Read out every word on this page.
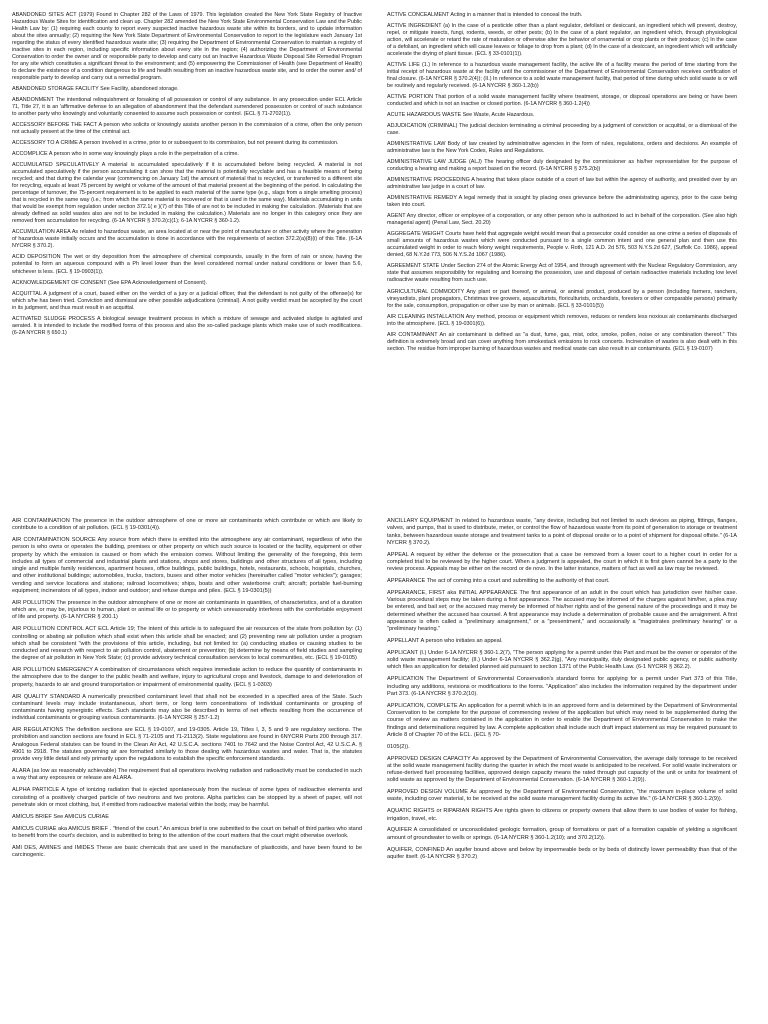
ABANDONED SITES ACT (1979) Found in Chapter 282 of the Laws of 1979. This legislation created the New York State Registry of Inactive Hazardous Waste Sites for identification and clean up. Chapter 282 amended the New York State Environmental Conservation Law and the Public Health Law by: (1) requiring each county to report every suspected inactive hazardous waste site within its borders, and to update information about the sites annually; (2) requiring the New York State Department of Environmental Conservation to report to the legislature each January 1st regarding the status of every identified hazardous waste site; (3) requiring the Department of Environmental Conservation to maintain a registry of inactive sites in each region, including specific information about every site in the region; (4) authorizing the Department of Environmental Conservation to order the owner and/ or responsible party to develop and carry out an Inactive Hazardous Waste Disposal Site Remedial Program for any site which constitutes a significant threat to the environment; and (5) empowering the Commissioner of Health (see Department of Health) to declare the existence of a condition dangerous to life and health resulting from an inactive hazardous waste site, and to order the owner and/ of responsible party to develop and carry out a remedial program.

ABANDONED STORAGE FACILITY See Facility, abandoned storage.

ABANDONMENT The intentional relinquishment or forsaking of all possession or control of any substance. In any prosecution under ECL Article 71, Title 27, it is an 'affirmative defense to an allegation of abandonment that the defendant surrendered possession or control of such substance to another party who knowingly and voluntarily consented to assume such possession or control. (ECL § 71-2702(1)).

ACCESSORY BEFORE THE FACT A person who solicits or knowingly assists another person in the commission of a crime, often the only person not actually present at the time of the criminal act.

ACCESSORY TO A CRIME A person involved in a crime, prior to or subsequent to its commission, but not present during its commission.

ACCOMPLICE A person who in some way knowingly plays a role in the perpetration of a crime.

ACCUMULATED SPECULATIVELY A material is accumulated speculatively if it is accumulated before being recycled. A material is not accumulated speculatively if the person accumulating it can show that the material is potentially recyclable and has a feasible means of being recycled; and that during the calendar year (commencing on January 1st) the amount of material that is recycled, or transferred to a different site for recycling, equals at least 75 percent by weight or volume of the amount of that material present at the beginning of the period. In calculating the percentage of turnover, the 75-percent requirement is to be applied to each material of the same type (e.g., slags from a single smelting process) that is recycled in the same way (i.e.; from which the same material is recovered or that is used in the same way). Materials accumulating in units that would be exempt from regulation under section 372.1( e )(7) of this Title of are not to be included in making the calculation. (Materials that are already defined as solid wastes also are not to be included in making the calculation.) Materials are no longer in this category once they are removed from accumulation for recycling. (6-1A NYCRR § 370.2(c)(1); 6-1A NYCRR § 360-1.2).

ACCUMULATION AREA As related to hazardous waste, an area located at or near the point of manufacture or other activity where the generation of hazardous waste initially occurs and the accumulation is done in accordance with the requirements of section 372.2(a)(8)(i) of this Title. (6-1A NYCRR § 370.2).

ACID DEPOSITION The wet or dry deposition from the atmosphere of chemical compounds, usually in the form of rain or snow, having the potential to form an aqueous compound with a Ph level lower than the level considered normal under natural conditions or lower than 5.6, whichever is less. (ECL § 19-0903(1)).

ACKNOWLEDGEMENT OF CONSENT (See EPA Acknowledgement of Consent).

ACQUITTAL A judgment of a court, based either on the verdict of a jury or a judicial officer, that the defendant is not guilty of the offense(s) for which s/he has been tried. Conviction and dismissal are other possible adjudications (criminal). A not guilty verdict must be accepted by the court in its judgment, and thus must result in an acquittal.

ACTIVATED SLUDGE PROCESS A biological sewage treatment process in which a mixture of sewage and activated sludge is agitated and aerated. It is intended to include the modified forms of this process and also the so-called package plants which make use of such modifications. (6-2A NYCRR § 650.1)

ACTIVE CONCEALMENT Acting in a manner that is intended to conceal the truth.

ACTIVE INGREDIENT (a) In the case of a pesticide other than a plant regulator, defoliant or desiccant, an ingredient which will prevent, destroy, repel, or mitigate insects, fungi, rodents, weeds, or other pests; (b) In the case of a plant regulator, an ingredient which, through physiological action, will accelerate or retard the rate of maturation or otherwise alter the behavior of ornamental or crop plants or their produce; (c) In the case of a defoliant, an ingredient which will cause leaves or foliage to drop from a plant; (d) In the case of a desiccant, an ingredient which will artificially accelerate the drying of plant tissue. (ECL § 33-0101(1)).

ACTIVE LIFE (1.) In reference to a hazardous waste management facility, the active life of a facility means the period of time starting from the initial receipt of hazardous waste at the facility until the commissioner of the Department of Environmental Conservation receives certification of final closure. (6-1A NYCRR § 370.2(4)); (II.) In reference to a solid waste management facility, that period of time during which solid waste is or will be routinely and regularly received. (6-1A NYCRR § 360-1.2(b))

ACTIVE PORTION That portion of a solid waste management facility where treatment, storage, or disposal operations are being or have been conducted and which is not an inactive or closed portion. (6-1A NYCRR § 360-1.2(4))

ACUTE HAZARDOUS WASTE See Waste, Acute Hazardous.

ADJUDICATION (CRIMINAL) The judicial decision terminating a criminal proceeding by a judgment of conviction or acquittal, or a dismissal of the case.

ADMINISTRATIVE LAW Body of law created by administrative agencies in the form of rules, regulations, orders and decisions. An example of administrative law is the New York Codes, Rules and Regulations.

ADMINISTRATIVE LAW JUDGE (ALJ) The hearing officer duly designated by the commissioner as his/her representative for the purpose of conducting a hearing and making a report based on the record. (6-1A NYCRR § 375.2(b))

ADMINISTRATIVE PROCEEDING A hearing that takes place outside of a court of law but within the agency of authority, and presided over by an administrative law judge in a court of law.

ADMINISTRATIVE REMEDY A legal remedy that is sought by placing ones grievance before the administrating agency, prior to the case being taken into court.

AGENT Any director, officer or employee of a corporation, or any other person who is authorized to act in behalf of the corporation. (See also high managerial agent) (Penal Law, Sect. 20.20)

AGGREGATE WEIGHT Courts have held that aggregate weight would mean that a prosecutor could consider as one crime a series of disposals of small amounts of hazardous wastes which were conducted pursuant to a single common intent and one general plan and then use this accumulated weight in order to reach felony weight requirements, People v. Roth, 121 A.D. 2d 576, 503 N.Y.S.2d 627, (Suffolk Co. 1986), appeal denied, 68 N.Y.2d 773, 506 N.Y.S.2d 1067 (1986).

AGREEMENT STATE Under Section 274 of the Atomic Energy Act of 1954, and through agreement with the Nuclear Regulatory Commission, any state that assumes responsibility for regulating and licensing the possession, use and disposal of certain radioactive materials including low level radioactive waste resulting from such use.

AGRICULTURAL COMMODITY Any plant or part thereof, or animal, or animal product, produced by a person (including farmers, ranchers, vineyardists, plant propagators, Christmas tree growers, aquaculturists, floriculturists, orchardists, foresters or other comparable persons) primarily for the sale, consumption, propagation or other use by man or animals. (ECL § 33-0101(5))

AIR CLEANING INSTALLATION Any method, process or equipment which removes, reduces or renders less noxious air contaminants discharged into the atmosphere. (ECL § 19-0301(6)).

AIR CONTAMINANT An air contaminant is defined as "a dust, fume, gas, mist, odor, smoke, pollen, noise or any combination thereof." This definition is extremely broad and can cover anything from smokestack emissions to rock concerts. Incineration of wastes is also dealt with in this section. The residue from improper burning of hazardous wastes and medical waste can also result in air contaminants. (ECL § 19-0107)

AIR CONTAMINATION The presence in the outdoor atmosphere of one or more air contaminants which contribute or which are likely to contribute to a condition of air pollution. (ECL § 19-0301(4)).

AIR CONTAMINATION SOURCE Any source from which there is emitted into the atmosphere any air contaminant, regardless of who the person is who owns or operates the building, premises or other property on which such source is located or the facility, equipment or other property by which the emission is caused or from which the emission comes. Without limiting the generality of the foregoing, this term includes all types of commercial and industrial plants and stations, shops and stores, buildings and other structures of all types, including single and multiple family residences, apartment houses, office buildings, public buildings, hotels, restaurants, schools, hospitals, churches, and other institutional buildings; automobiles, trucks, tractors, buses and other motor vehicles (hereinafter called "motor vehicles"); garages; vending and service locations and stations; railroad locomotives; ships, boats and other waterborne craft; aircraft; portable fuel-burning equipment; incinerators of all types, indoor and outdoor; and refuse dumps and piles. (ECL § 19-0301(5))

AIR POLLUTION The presence in the outdoor atmosphere of one or more air contaminants in quantities, of characteristics, and of a duration which are, or may be, injurious to human, plant or animal life or to property or which unreasonably interferes with the comfortable enjoyment of life and property. (6-1A NYCRR § 200.1)

AIR POLLUTION CONTROL ACT ECL Article 19; The intent of this article is to safeguard the air resources of the state from pollution by: (1) controlling or abating air pollution which shall exist when this article shall be enacted; and (2) preventing new air pollution under a program which shall be consistent "with the provisions of this article, including, but not limited to: (a) conducting studies or causing studies to be conducted and research with respect to air pollution control, abatement or prevention; (b) determine by means of field studies and sampling the degree of air pollution in New York State; (c) provide advisory technical consultation services to local communities, etc. (ECL § 19-0105)

AIR POLLUTION EMERGENCY A combination of circumstances which requires immediate action to reduce the quantity of contaminants in the atmosphere due to the danger to the public health and welfare, injury to agricultural crops and livestock, damage to and deterioration of property, hazards to air and ground transportation or impairment of environmental quality. (ECL § 1-0303)

AIR QUALITY STANDARD A numerically prescribed contaminant level that shall not be exceeded in a specified area of the State. Such contaminant levels may include instantaneous, short term, or long term concentrations of individual contaminants or grouping of contaminants having synergistic effects. Such standards may also be described in terms of net effects resulting from the occurrence of individual contaminants or grouping various contaminants. (6-1A NYCRR § 257-1.2)

AIR REGULATIONS The definition sections are ECL § 19-0107, and 19-0305. Article 19, Titles I, 3, 5 and 9 are regulatory sections. The prohibition and sanction sections are found in ECL § 71-2105 and 71-2113(2). State regulations are found in 6NYCRR Parts 200 through 317. Analogous Federal statutes can be found in the Clean Air Act, 42 U.S.C.A. sections 7401 to 7642 and the Noise Control Act, 42 U.S.C.A. § 4901 to 2918. The statutes governing air are formatted similarly to those dealing with hazardous wastes and water. That is, the statutes provide very little detail and rely primarily upon the regulations to establish the specific enforcement standards.

ALARA (as low as reasonably achievable) The requirement that all operations involving radiation and radioactivity must be conducted in such a way that any exposures or release are ALARA.

ALPHA PARTICLE A type of ionizing radiation that is ejected spontaneously from the nucleus of some types of radioactive elements and consisting of a positively charged particle of two neutrons and two protons. Alpha particles can be stopped by a sheet of paper, will not penetrate skin or most clothing, but, if emitted from radioactive material within the body, may be harmful.

AMICUS BRIEF See AMICUS CURIAE

AMICUS CURIAE aka AMICUS BRIEF . "friend of the court." An amicus brief is one submitted to the court on behalf of third parties who stand to benefit from the court's decision, and is submitted to bring to the attention of the court matters that the court might otherwise overlook.

AMI DES, AMINES and IMIDES These are basic chemicals that are used in the manufacture of plasticoids, and have been found to be carcinogenic.

ANCILLARY EQUIPMENT In related to hazardous waste, "any device, including but not limited to such devices as piping, fittings, flanges, valves, and pumps, that is used to distribute, meter, or control the flow of hazardous waste from its point of generation to storage or treatment tanks, between hazardous waste storage and treatment tanks to a point of disposal onsite or to a point of shipment for disposal offsite." (6-1A NYCRR § 370.2).

APPEAL A request by either the defense or the prosecution that a case be removed from a lower court to a higher court in order for a completed trial to be reviewed by the higher court. When a judgment is appealed, the court in which it is first given cannot be a party to the review process. Appeals may be either on the record or de novo. In the latter instance, matters of fact as well as law may be reviewed.

APPEARANCE The act of coming into a court and submitting to the authority of that court.

APPEARANCE, FIRST aka INITIAL APPEARANCE The first appearance of an adult in the court which has jurisdiction over his/her case. Various procedural steps may be taken during a first appearance. The accused may be informed of the charges against him/her, a plea may be entered, and bail set; or the accused may merely be informed of his/her rights and of the general nature of the proceedings and it may be determined whether the accused has counsel. A first appearance may include a determination of probable cause and the arraignment. A first appearance is often called a "preliminary arraignment," or a "presentment," and occasionally a "magistrates preliminary hearing" or a "preliminary hearing."

APPELLANT A person who initiates an appeal.

APPLICANT (I.) Under 6-1A NYCRR § 360-1.2(7), "The person applying for a permit under this Part and must be the owner or operator of the solid waste management facility; (II.) Under 6-1A NYCRR § 362.2(g), "Any municipality, duly designated public agency, or public authority which files an application for detailed planned aid pursuant to section 1371 of the Public Health Law. (6-1 NYCRR § 362.2).

APPLICATION The Department of Environmental Conservation's standard forms for applying for a permit under Part 373 of this Title, including any additions, revisions or modifications to the forms. "Application" also includes the information required by the department under Part 373. (6-1A NYCRR § 370.2(10).

APPLICATION, COMPLETE An application for a permit which is in an approved form and is determined by the Department of Environmental Conservation to be complete for the purpose of commencing review of the application but which may need to be supplemented during the course of review as matters contained in the application in order to enable the Department of Environmental Conservation to make the findings and determinations required by law. A complete application shall include such draft impact statement as may be required pursuant to Article 8 of Chapter 70 of the ECL. (ECL § 70-

0105(2)).

APPROVED DESIGN CAPACITY As approved by the Department of Environmental Conservation, the average daily tonnage to be received at the solid waste management facility during the quarter in which the most waste is anticipated to be received. For solid waste incinerators or refuse-derived fuel processing facilities, approved design capacity means the rated through put capacity of the unit or units for treatment of solid waste as approved by the Department of Environmental Conservation. (6-1A NYCRR § 360-1.2(9)).

APPROVED DESIGN VOLUME As approved by the Department of Environmental Conservation, "the maximum in-place volume of solid waste, including cover material, to be received at the solid waste management facility during its active life." (6-1A NYCRR § 360-1.2(9)).

AQUATIC RIGHTS or RIPARIAN RIGHTS Are rights given to citizens or property owners that allow them to use bodies of water for fishing, irrigation, travel, etc.

AQUIFER A consolidated or unconsolidated geologic formation, group of formations or part of a formation capable of yielding a significant amount of groundwater to wells or springs. (6-1A NYCRR § 360-1.2(10); and 370.2(12)).

AQUIFER, CONFINED An aquifer bound above and below by impermeable beds or by beds of distinctly lower permeability than that of the aquifer itself. (6-1A NYCRR § 370.2)
